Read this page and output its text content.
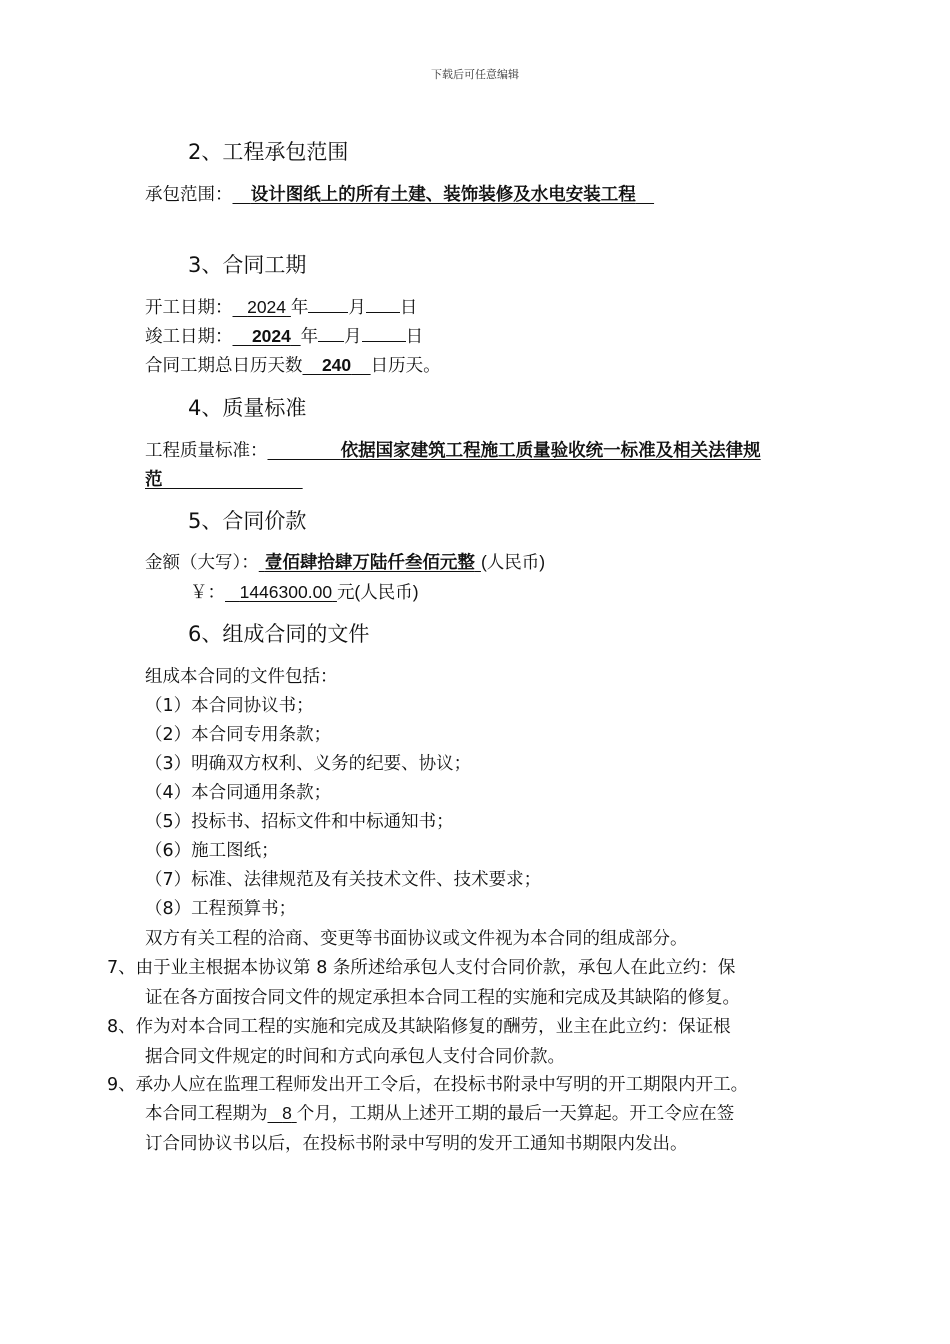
下载后可任意编辑
2、工程承包范围
承包范围： 设计图纸上的所有土建、装饰装修及水电安装工程
3、合同工期
开工日期： 2024 年 月 日
竣工日期： 2024 年 月	日
合同工期总日历天数 240 日历天。
4、质量标准
工程质量标准：	依据国家建筑工程施工质量验收统一标准及相关法律规
范
5、合同价款
金额（大写）： 壹佰肆拾肆万陆仟叁佰元整 (人民币)
￥： 1446300.00 元(人民币)
6、组成合同的文件
组成本合同的文件包括：
（1）本合同协议书；
（2）本合同专用条款；
（3）明确双方权利、义务的纪要、协议；
（4）本合同通用条款；
（5）投标书、招标文件和中标通知书；
（6）施工图纸；
（7）标准、法律规范及有关技术文件、技术要求；
（8）工程预算书；
双方有关工程的洽商、变更等书面协议或文件视为本合同的组成部分。
7、由于业主根据本协议第 8 条所述给承包人支付合同价款，承包人在此立约：保
证在各方面按合同文件的规定承担本合同工程的实施和完成及其缺陷的修复。
8、作为对本合同工程的实施和完成及其缺陷修复的酬劳，业主在此立约：保证根
据合同文件规定的时间和方式向承包人支付合同价款。
9、承办人应在监理工程师发出开工令后，在投标书附录中写明的开工期限内开工。
本合同工程期为 8 个月，工期从上述开工期的最后一天算起。开工令应在签
订合同协议书以后，在投标书附录中写明的发开工通知书期限内发出。
